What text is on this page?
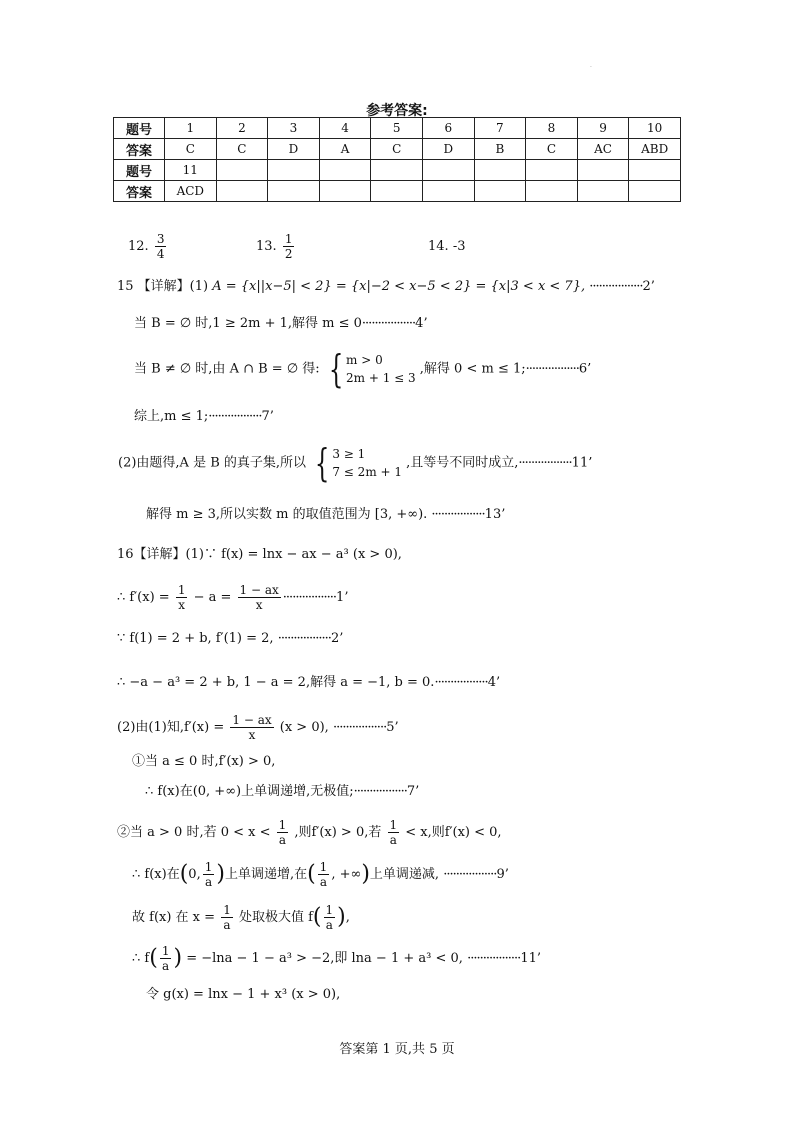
·
参考答案:
题号	1	2	3	4	5	6	7	8	9	10
答案	C	C	D	A	C	D	B	C	AC	ABD
题号	11									
答案	ACD									
12. $\frac{3}{4}$	13. $\frac{1}{2}$	14. -3
15 【详解】(1) A = {x||x−5| < 2} = {x|−2 < x−5 < 2} = {x|3 < x < 7}, ·················2’
当 B = ∅ 时,1 ≥ 2m + 1,解得 m ≤ 0·················4’
当 B ≠ ∅ 时,由 A ∩ B = ∅ 得: { m > 0
2m + 1 ≤ 3
,解得 0 < m ≤ 1;·················6’
综上,m ≤ 1;·················7’
(2)由题得,A 是 B 的真子集,所以 { 3 ≥ 1
7 ≤ 2m + 1
,且等号不同时成立,·················11’
解得 m ≥ 3,所以实数 m 的取值范围为 [3, +∞). ·················13’
16【详解】(1)∵ f(x) = lnx − ax − a³ (x > 0),
∴ $f'(x) = \frac{1}{x} - a = \frac{1 - ax}{x} \cdot\cdot\cdot\cdot\cdot\cdot\cdot\cdot\cdot\cdot\cdot\cdot\cdot\cdot\cdot\cdot\cdot 1$’
∵ f(1) = 2 + b, f′(1) = 2, ·················2’
∴ −a − a³ = 2 + b, 1 − a = 2,解得 a = −1, b = 0.·················4’
(2)由(1)知$,f'(x) = \frac{1 - ax}{x} (x > 0)$, ·················5’
①当 a ≤ 0 时,f′(x) > 0,
∴ f(x)在(0, +∞)上单调递增,无极值;·················7’
②当 a > 0 时,若 $0 < x < \frac{1}{a}$ ,则f′(x) > 0,若 $\frac{1}{a} < x$,则f′(x) < 0,
∴ f(x)在(0, $\frac{1}{a}$ )上单调递增,在( $\frac{1}{a}$ , +∞)上单调递减, ·················9’
故 f(x) 在 $x = \frac{1}{a}$ 处取极大值 $f( \frac{1}{a}$ ),
∴ $f( \frac{1}{a}$ ) = −lna − 1 − a³ > −2,即 lna − 1 + a³ < 0, ·················11’
令 g(x) = lnx − 1 + x³ (x > 0),
答案第 1 页,共 5 页
